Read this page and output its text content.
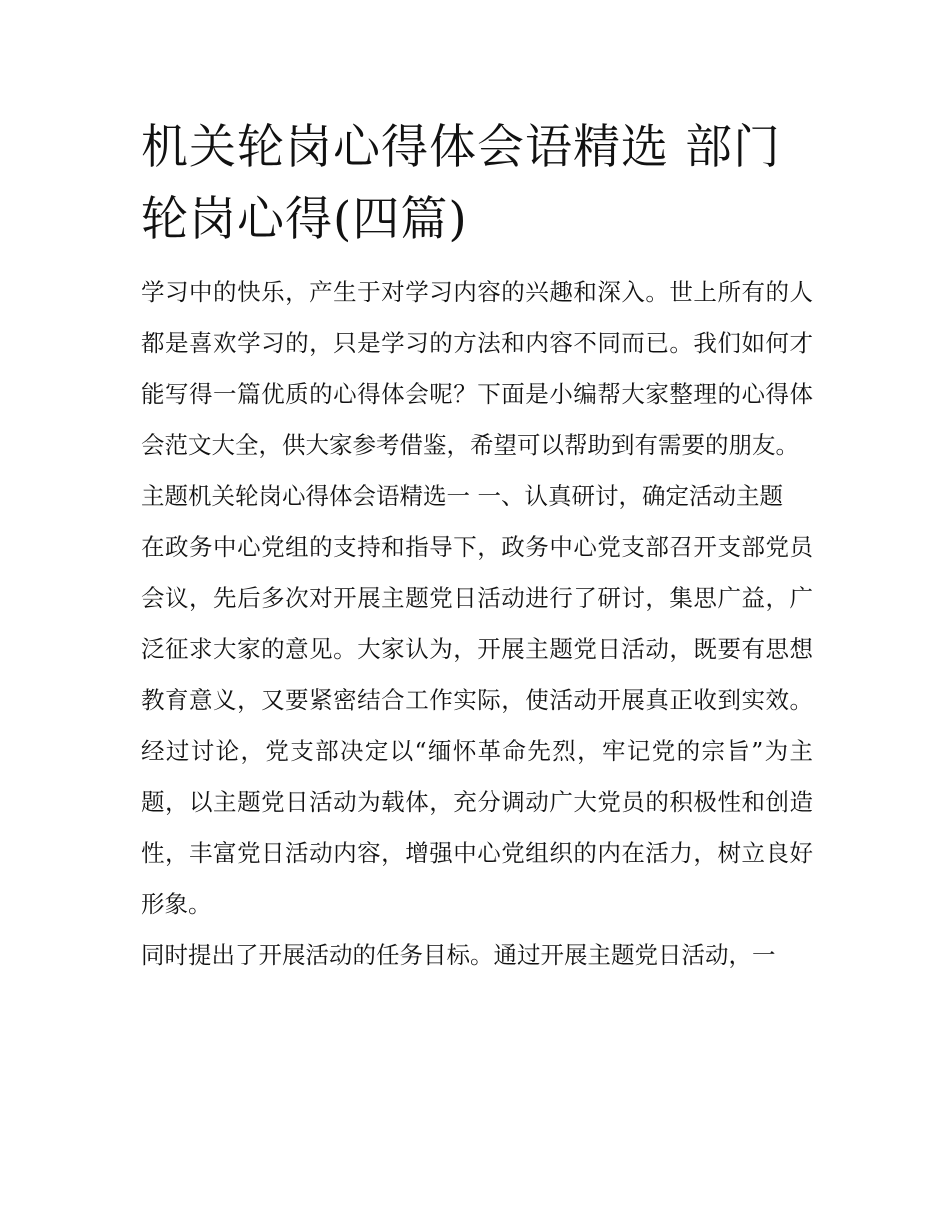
机关轮岗心得体会语精选 部门轮岗心得(四篇)

学习中的快乐，产生于对学习内容的兴趣和深入。世上所有的人都是喜欢学习的，只是学习的方法和内容不同而已。我们如何才能写得一篇优质的心得体会呢？下面是小编帮大家整理的心得体会范文大全，供大家参考借鉴，希望可以帮助到有需要的朋友。

主题机关轮岗心得体会语精选一 一、认真研讨，确定活动主题

在政务中心党组的支持和指导下，政务中心党支部召开支部党员会议，先后多次对开展主题党日活动进行了研讨，集思广益，广泛征求大家的意见。大家认为，开展主题党日活动，既要有思想教育意义，又要紧密结合工作实际，使活动开展真正收到实效。经过讨论，党支部决定以“缅怀革命先烈，牢记党的宗旨”为主题，以主题党日活动为载体，充分调动广大党员的积极性和创造性，丰富党日活动内容，增强中心党组织的内在活力，树立良好形象。

同时提出了开展活动的任务目标。通过开展主题党日活动，一
